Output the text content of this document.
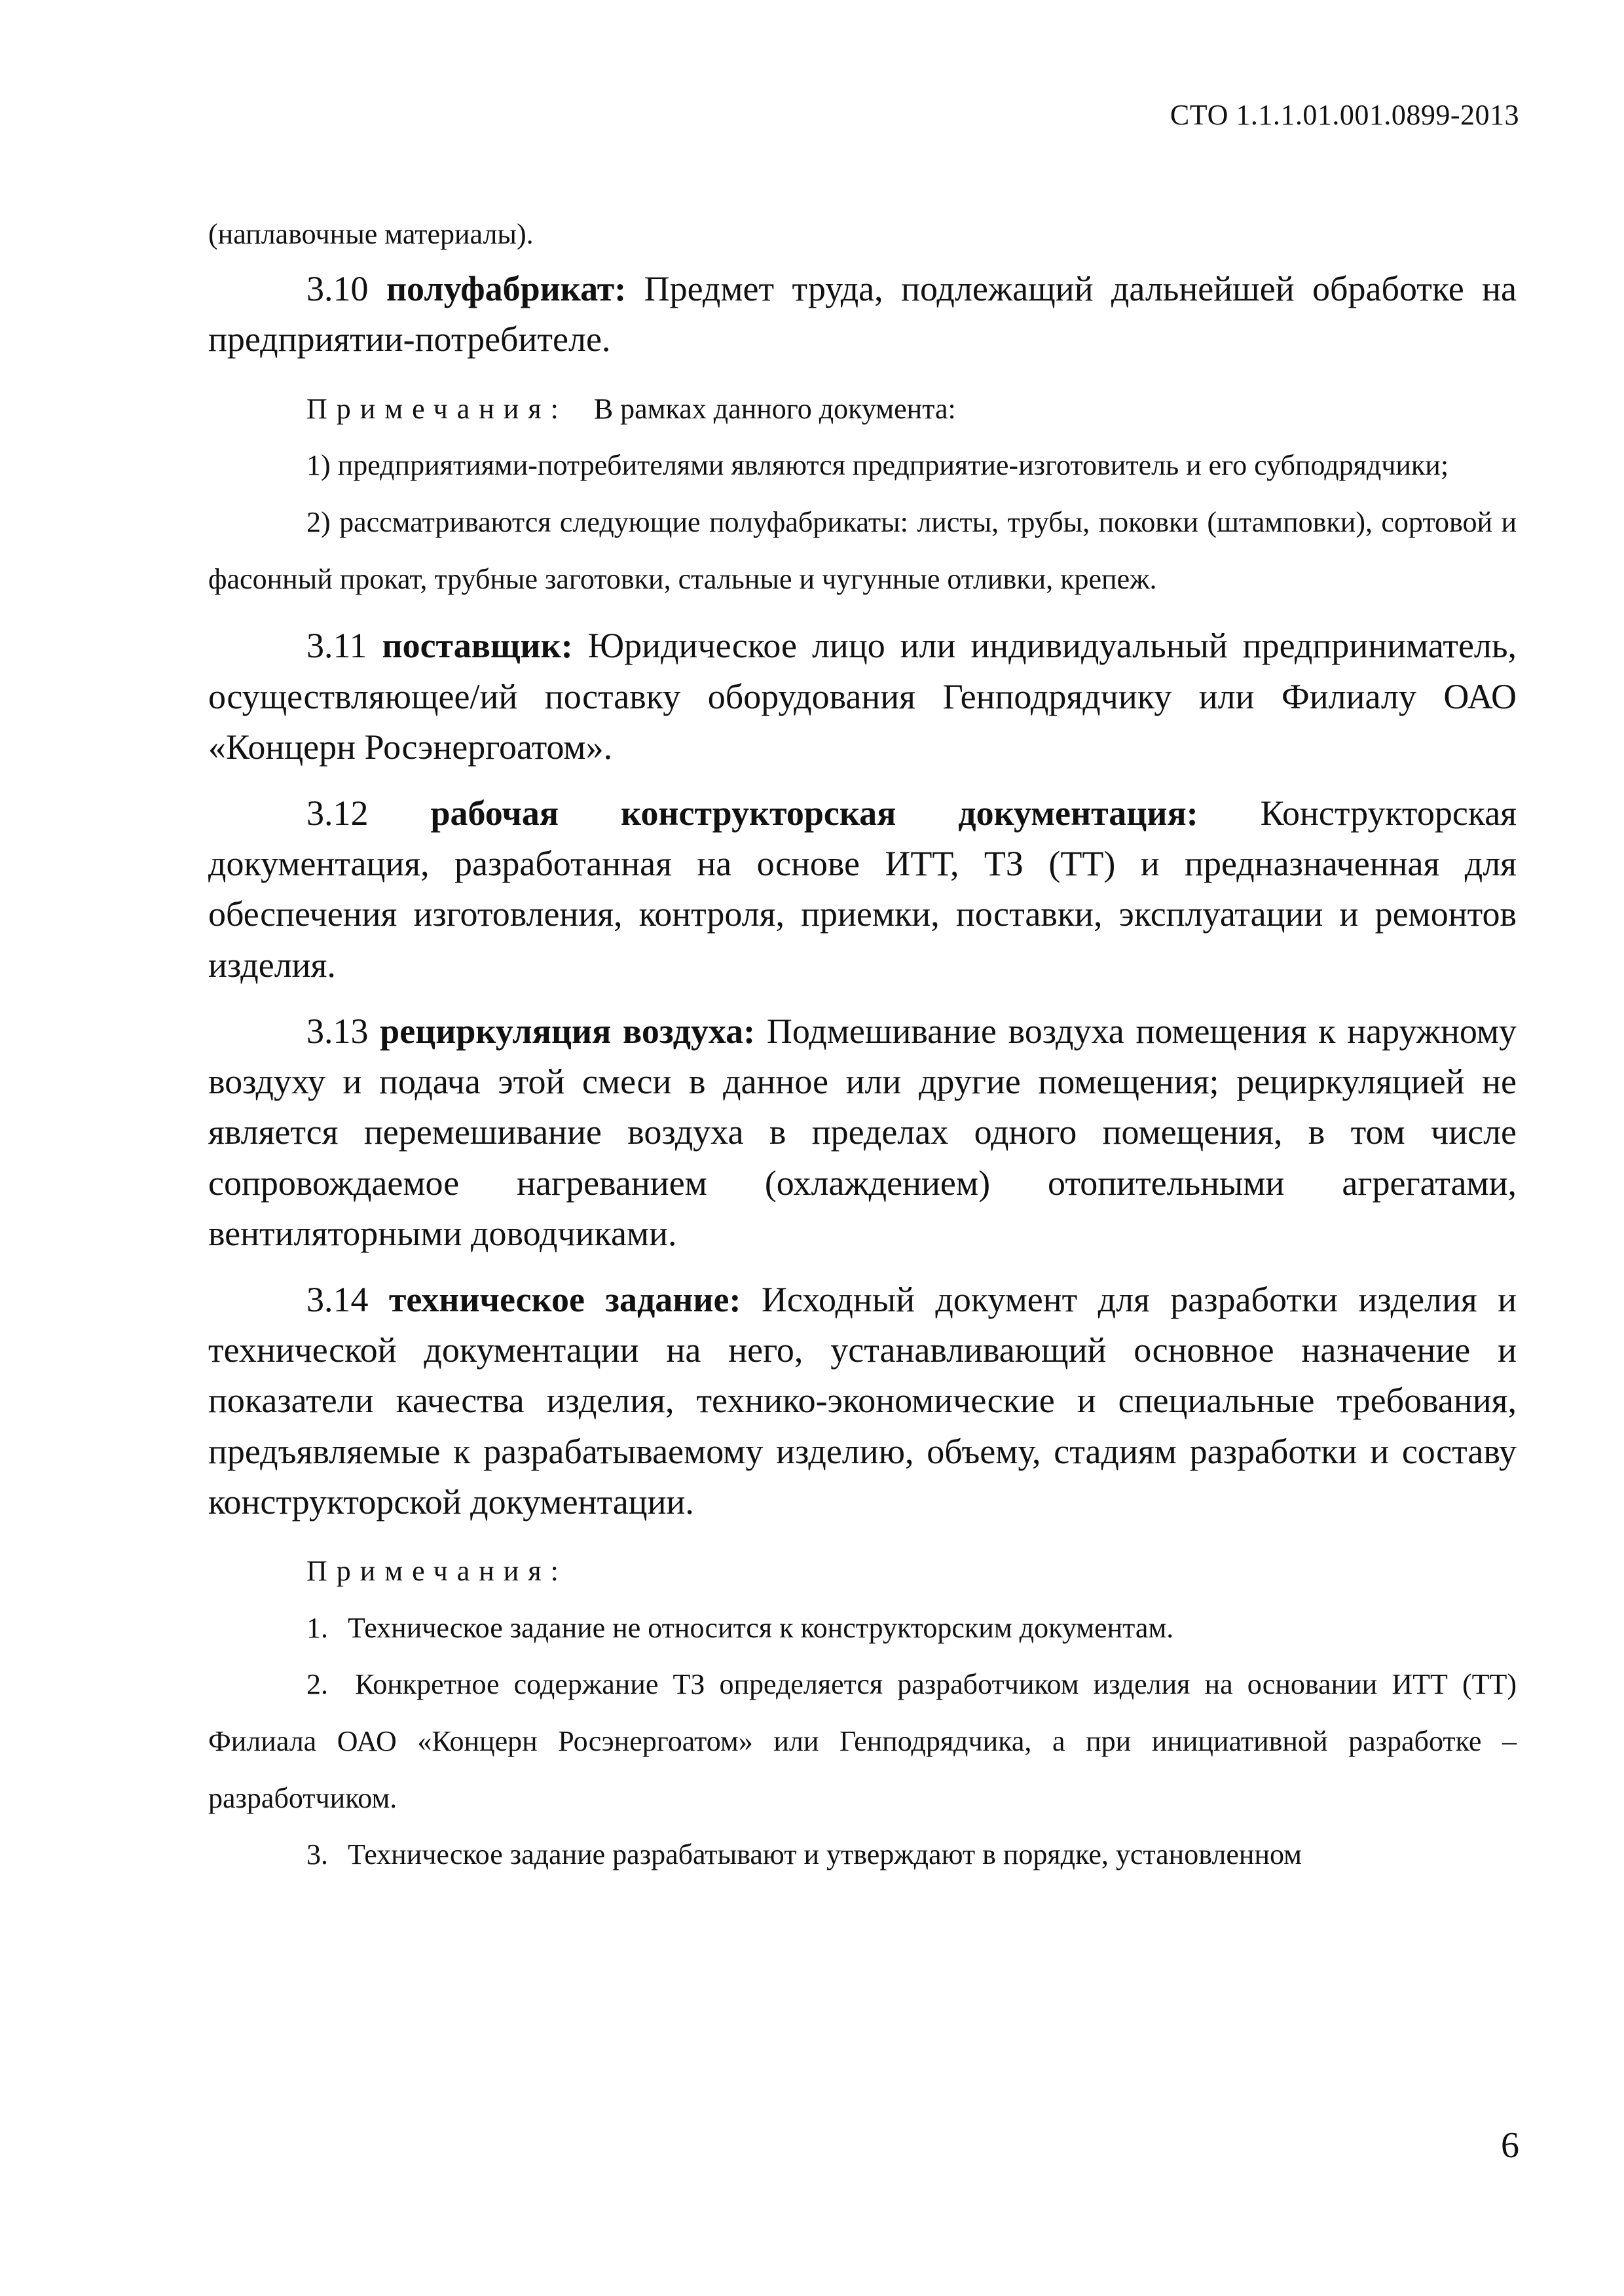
СТО 1.1.1.01.001.0899-2013

(наплавочные материалы).

3.10 полуфабрикат: Предмет труда, подлежащий дальнейшей обработке на предприятии-потребителе.

Примечания: В рамках данного документа:

1) предприятиями-потребителями являются предприятие-изготовитель и его субподрядчики;

2) рассматриваются следующие полуфабрикаты: листы, трубы, поковки (штамповки), сортовой и фасонный прокат, трубные заготовки, стальные и чугунные отливки, крепеж.

3.11 поставщик: Юридическое лицо или индивидуальный предприниматель, осуществляющее/ий поставку оборудования Генподрядчику или Филиалу ОАО «Концерн Росэнергоатом».

3.12 рабочая конструкторская документация: Конструкторская документация, разработанная на основе ИТТ, ТЗ (ТТ) и предназначенная для обеспечения изготовления, контроля, приемки, поставки, эксплуатации и ремонтов изделия.

3.13 рециркуляция воздуха: Подмешивание воздуха помещения к наружному воздуху и подача этой смеси в данное или другие помещения; рециркуляцией не является перемешивание воздуха в пределах одного помещения, в том числе сопровождаемое нагреванием (охлаждением) отопительными агрегатами, вентиляторными доводчиками.

3.14 техническое задание: Исходный документ для разработки изделия и технической документации на него, устанавливающий основное назначение и показатели качества изделия, технико-экономические и специальные требования, предъявляемые к разрабатываемому изделию, объему, стадиям разработки и составу конструкторской документации.

Примечания:

1. Техническое задание не относится к конструкторским документам.

2. Конкретное содержание ТЗ определяется разработчиком изделия на основании ИТТ (ТТ) Филиала ОАО «Концерн Росэнергоатом» или Генподрядчика, а при инициативной разработке – разработчиком.

3. Техническое задание разрабатывают и утверждают в порядке, установленном

6
